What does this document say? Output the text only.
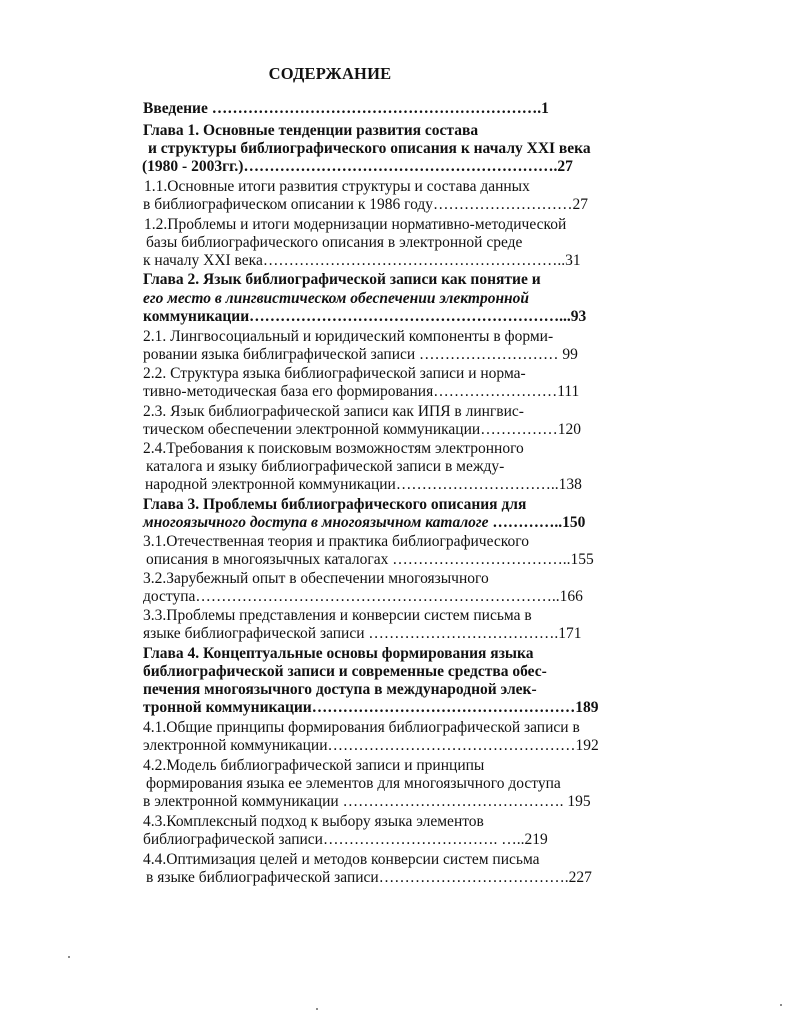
СОДЕРЖАНИЕ
Введение ……………………………………………………….1
Глава 1. Основные тенденции развития состава
и структуры библиографического описания к началу XXI века
(1980 - 2003гг.)…………………………………………………….27
1.1.Основные итоги развития структуры и состава данных
в библиографическом описании к 1986 году………………………27
1.2.Проблемы и итоги модернизации нормативно-методической
базы библиографического описания в электронной среде
к началу XXI века…………………………………………………..31
Глава 2. Язык библиографической записи как понятие и
его место в лингвистическом обеспечении электронной
коммуникации……………………………………………………...93
2.1. Лингвосоциальный и юридический компоненты в форми-
ровании языка библиграфической записи ……………………… 99
2.2. Структура языка библиографической записи и норма-
тивно-методическая база его формирования……………………111
2.3. Язык библиографической записи как ИПЯ в лингвис-
тическом обеспечении электронной коммуникации……………120
2.4.Требования к поисковым возможностям электронного
каталога и языку библиографической записи в между-
народной электронной коммуникации…………………………..138
Глава 3. Проблемы библиографического описания для
многоязычного доступа в многоязычном каталоге …………..150
3.1.Отечественная теория и практика библиографического
описания в многоязычных каталогах ……………………………..155
3.2.Зарубежный опыт в обеспечении многоязычного
доступа……………………………………………………………..166
3.3.Проблемы представления и конверсии систем письма в
языке библиографической записи ……………………………….171
Глава 4. Концептуальные основы формирования языка
библиографической записи и современные средства обес-
печения многоязычного доступа в международной элек-
тронной коммуникации……………………………………………189
4.1.Общие принципы формирования библиографической записи в
электронной коммуникации…………………………………………192
4.2.Модель библиографической записи и принципы
формирования языка ее элементов для многоязычного доступа
в электронной коммуникации ……………………………………. 195
4.3.Комплексный подход к выбору языка элементов
библиографической записи……………………………. …..219
4.4.Оптимизация целей и методов конверсии систем письма
в языке библиографической записи……………………………….227
